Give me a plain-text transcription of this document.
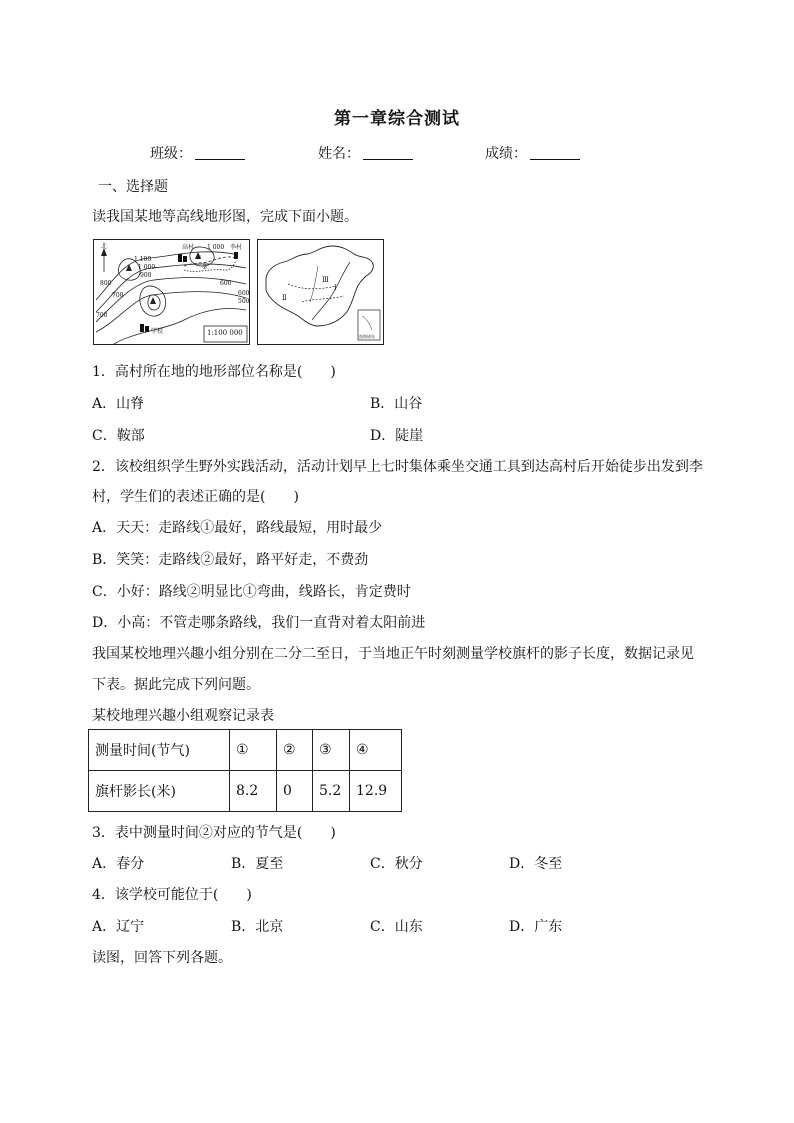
第一章综合测试
班级：	姓名：	成绩：
一、选择题
读我国某地等高线地形图，完成下面小题。
北	高村	李村
学校
1 000
1 100
1 000
900
800
700	600
500
700
600
①
②
1:100 000
Ⅰ
Ⅱ
Ⅲ
南海诸岛
1．高村所在地的地形部位名称是(　　)
A．山脊	B．山谷
C．鞍部	D．陡崖
2．该校组织学生野外实践活动，活动计划早上七时集体乘坐交通工具到达高村后开始徒步出发到李
村，学生们的表述正确的是(　　)
A．天天：走路线①最好，路线最短，用时最少
B．笑笑：走路线②最好，路平好走，不费劲
C．小好：路线②明显比①弯曲，线路长，肯定费时
D．小高：不管走哪条路线，我们一直背对着太阳前进
我国某校地理兴趣小组分别在二分二至日，于当地正午时刻测量学校旗杆的影子长度，数据记录见
下表。据此完成下列问题。
某校地理兴趣小组观察记录表
测量时间(节气)	①	②	③	④
旗杆影长(米)	8.2	0	5.2	12.9
3．表中测量时间②对应的节气是(　　)
A．春分	B．夏至	C．秋分	D．冬至
4．该学校可能位于(　　)
A．辽宁	B．北京	C．山东	D．广东
读图，回答下列各题。
